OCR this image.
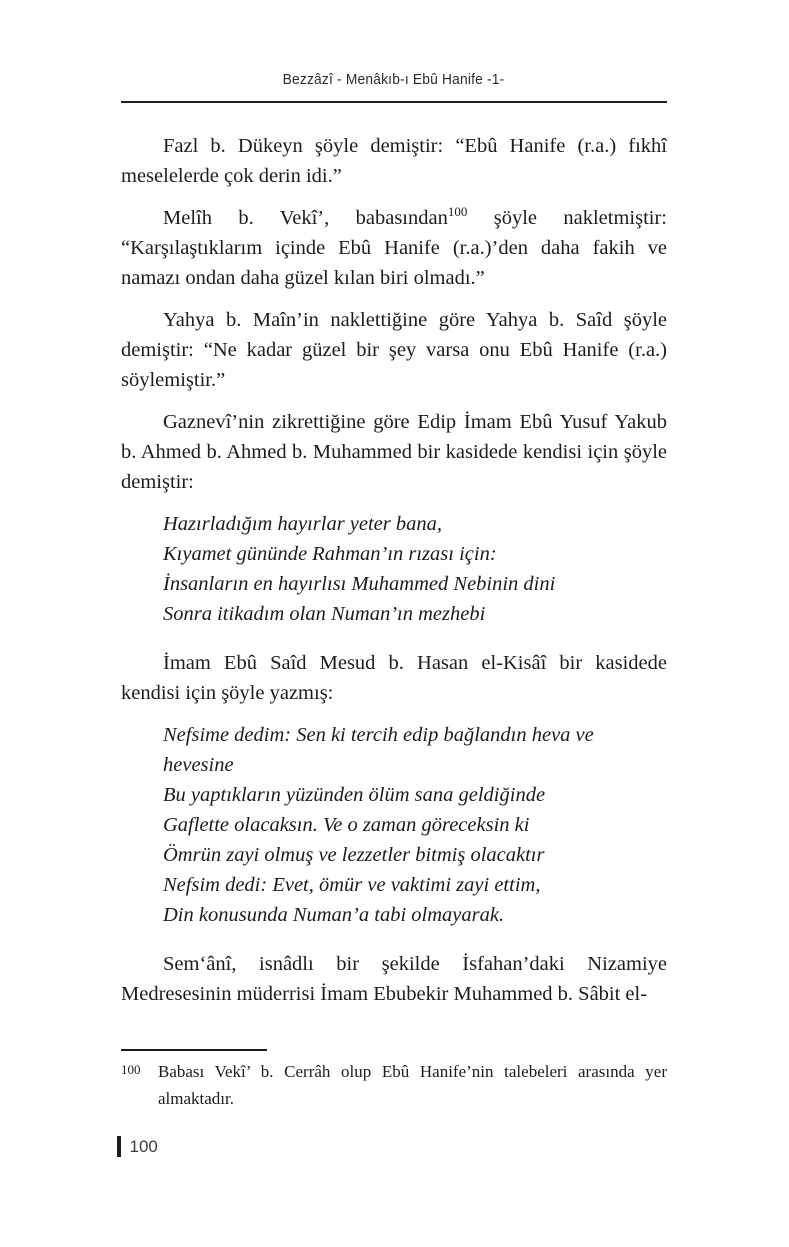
Bezzâzî - Menâkıb-ı Ebû Hanife -1-

Fazl b. Dükeyn şöyle demiştir: “Ebû Hanife (r.a.) fıkhî meselelerde çok derin idi.”

Melîh b. Vekî’, babasından$^{100}$ şöyle nakletmiştir: “Karşılaştıklarım içinde Ebû Hanife (r.a.)’den daha fakih ve namazı ondan daha güzel kılan biri olmadı.”

Yahya b. Maîn’in naklettiğine göre Yahya b. Saîd şöyle demiştir: “Ne kadar güzel bir şey varsa onu Ebû Hanife (r.a.) söylemiştir.”

Gaznevî’nin zikrettiğine göre Edip İmam Ebû Yusuf Yakub b. Ahmed b. Ahmed b. Muhammed bir kasidede kendisi için şöyle demiştir:

Hazırladığım hayırlar yeter bana,
Kıyamet gününde Rahman’ın rızası için:
İnsanların en hayırlısı Muhammed Nebinin dini
Sonra itikadım olan Numan’ın mezhebi

İmam Ebû Saîd Mesud b. Hasan el-Kisâî bir kasidede kendisi için şöyle yazmış:

Nefsime dedim: Sen ki tercih edip bağlandın heva ve
hevesine
Bu yaptıkların yüzünden ölüm sana geldiğinde
Gaflette olacaksın. Ve o zaman göreceksin ki
Ömrün zayi olmuş ve lezzetler bitmiş olacaktır
Nefsim dedi: Evet, ömür ve vaktimi zayi ettim,
Din konusunda Numan’a tabi olmayarak.

Sem‘ânî, isnâdlı bir şekilde İsfahan’daki Nizamiye Medresesinin müderrisi İmam Ebubekir Muhammed b. Sâbit el-

100	Babası Vekî’ b. Cerrâh olup Ebû Hanife’nin talebeleri arasında yer almaktadır.
100
